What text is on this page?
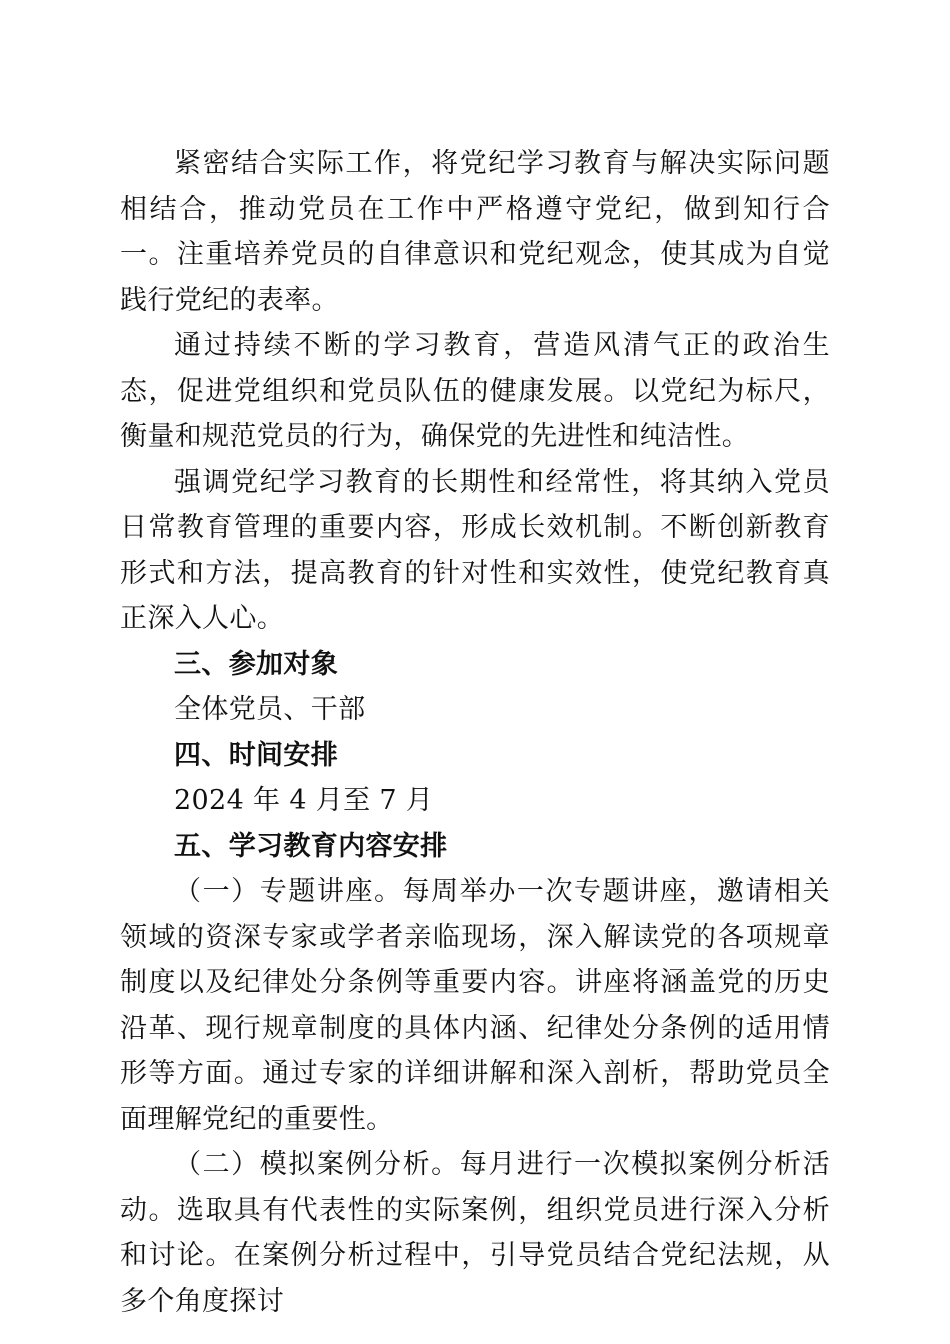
紧密结合实际工作，将党纪学习教育与解决实际问题相结合，推动党员在工作中严格遵守党纪，做到知行合一。注重培养党员的自律意识和党纪观念，使其成为自觉践行党纪的表率。

通过持续不断的学习教育，营造风清气正的政治生态，促进党组织和党员队伍的健康发展。以党纪为标尺，衡量和规范党员的行为，确保党的先进性和纯洁性。

强调党纪学习教育的长期性和经常性，将其纳入党员日常教育管理的重要内容，形成长效机制。不断创新教育形式和方法，提高教育的针对性和实效性，使党纪教育真正深入人心。

三、参加对象

全体党员、干部

四、时间安排

2024 年 4 月至 7 月

五、学习教育内容安排

（一）专题讲座。每周举办一次专题讲座，邀请相关领域的资深专家或学者亲临现场，深入解读党的各项规章制度以及纪律处分条例等重要内容。讲座将涵盖党的历史沿革、现行规章制度的具体内涵、纪律处分条例的适用情形等方面。通过专家的详细讲解和深入剖析，帮助党员全面理解党纪的重要性。

（二）模拟案例分析。每月进行一次模拟案例分析活动。选取具有代表性的实际案例，组织党员进行深入分析和讨论。在案例分析过程中，引导党员结合党纪法规，从多个角度探讨
